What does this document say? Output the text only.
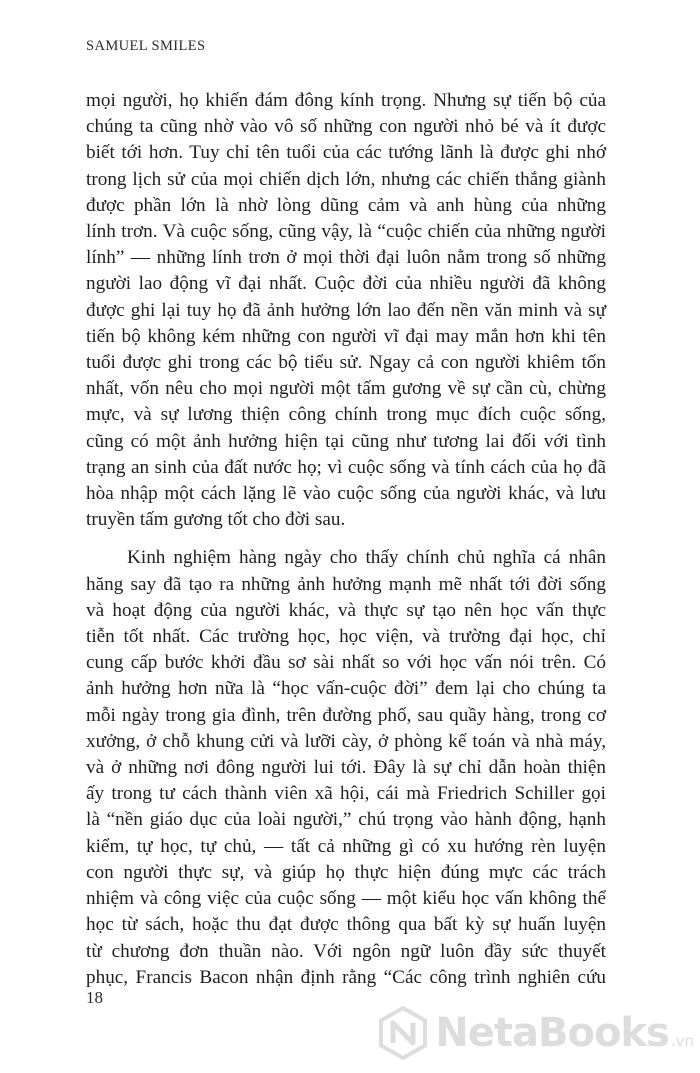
SAMUEL SMILES

mọi người, họ khiến đám đông kính trọng. Nhưng sự tiến bộ của
chúng ta cũng nhờ vào vô số những con người nhỏ bé và ít được
biết tới hơn. Tuy chỉ tên tuổi của các tướng lãnh là được ghi nhớ
trong lịch sử của mọi chiến dịch lớn, nhưng các chiến thắng giành
được phần lớn là nhờ lòng dũng cảm và anh hùng của những
lính trơn. Và cuộc sống, cũng vậy, là “cuộc chiến của những người
lính” — những lính trơn ở mọi thời đại luôn nằm trong số những
người lao động vĩ đại nhất. Cuộc đời của nhiều người đã không
được ghi lại tuy họ đã ảnh hưởng lớn lao đến nền văn minh và sự
tiến bộ không kém những con người vĩ đại may mắn hơn khi tên
tuổi được ghi trong các bộ tiểu sử. Ngay cả con người khiêm tốn
nhất, vốn nêu cho mọi người một tấm gương về sự cần cù, chừng
mực, và sự lương thiện công chính trong mục đích cuộc sống,
cũng có một ảnh hưởng hiện tại cũng như tương lai đối với tình
trạng an sinh của đất nước họ; vì cuộc sống và tính cách của họ đã
hòa nhập một cách lặng lẽ vào cuộc sống của người khác, và lưu
truyền tấm gương tốt cho đời sau.

Kinh nghiệm hàng ngày cho thấy chính chủ nghĩa cá nhân
hăng say đã tạo ra những ảnh hưởng mạnh mẽ nhất tới đời sống
và hoạt động của người khác, và thực sự tạo nên học vấn thực
tiễn tốt nhất. Các trường học, học viện, và trường đại học, chỉ
cung cấp bước khởi đầu sơ sài nhất so với học vấn nói trên. Có
ảnh hưởng hơn nữa là “học vấn-cuộc đời” đem lại cho chúng ta
mỗi ngày trong gia đình, trên đường phố, sau quầy hàng, trong cơ
xưởng, ở chỗ khung cửi và lưỡi cày, ở phòng kế toán và nhà máy,
và ở những nơi đông người lui tới. Đây là sự chỉ dẫn hoàn thiện
ấy trong tư cách thành viên xã hội, cái mà Friedrich Schiller gọi
là “nền giáo dục của loài người,” chú trọng vào hành động, hạnh
kiểm, tự học, tự chủ, — tất cả những gì có xu hướng rèn luyện
con người thực sự, và giúp họ thực hiện đúng mực các trách
nhiệm và công việc của cuộc sống — một kiểu học vấn không thể
học từ sách, hoặc thu đạt được thông qua bất kỳ sự huấn luyện
từ chương đơn thuần nào. Với ngôn ngữ luôn đầy sức thuyết
phục, Francis Bacon nhận định rằng “Các công trình nghiên cứu

18
NetaBooks .vn
